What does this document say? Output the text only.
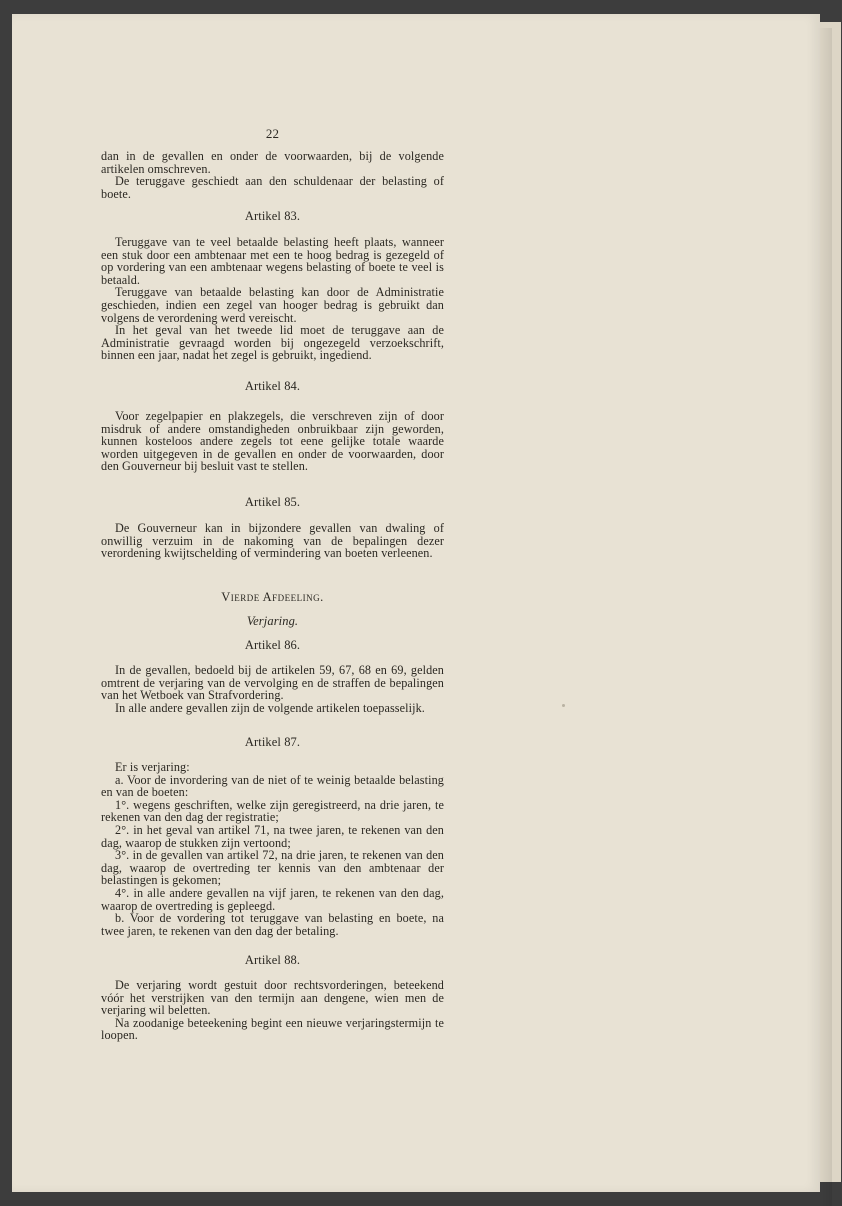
22

dan in de gevallen en onder de voorwaarden, bij de volgende artikelen omschreven.

De teruggave geschiedt aan den schuldenaar der belasting of boete.

Artikel 83.

Teruggave van te veel betaalde belasting heeft plaats, wanneer een stuk door een ambtenaar met een te hoog bedrag is gezegeld of op vordering van een ambtenaar wegens belasting of boete te veel is betaald.

Teruggave van betaalde belasting kan door de Administratie geschieden, indien een zegel van hooger bedrag is gebruikt dan volgens de verordening werd vereischt.

In het geval van het tweede lid moet de teruggave aan de Administratie gevraagd worden bij ongezegeld verzoekschrift, binnen een jaar, nadat het zegel is gebruikt, ingediend.

Artikel 84.

Voor zegelpapier en plakzegels, die verschreven zijn of door misdruk of andere omstandigheden onbruikbaar zijn geworden, kunnen kosteloos andere zegels tot eene gelijke totale waarde worden uitgegeven in de gevallen en onder de voorwaarden, door den Gouverneur bij besluit vast te stellen.

Artikel 85.

De Gouverneur kan in bijzondere gevallen van dwaling of onwillig verzuim in de nakoming van de bepalingen dezer verordening kwijtschelding of vermindering van boeten verleenen.

Vierde Afdeeling.
Verjaring.
Artikel 86.

In de gevallen, bedoeld bij de artikelen 59, 67, 68 en 69, gelden omtrent de verjaring van de vervolging en de straffen de bepalingen van het Wetboek van Strafvordering.

In alle andere gevallen zijn de volgende artikelen toepasselijk.

Artikel 87.

Er is verjaring:

a. Voor de invordering van de niet of te weinig betaalde belasting en van de boeten:

1°. wegens geschriften, welke zijn geregistreerd, na drie jaren, te rekenen van den dag der registratie;

2°. in het geval van artikel 71, na twee jaren, te rekenen van den dag, waarop de stukken zijn vertoond;

3°. in de gevallen van artikel 72, na drie jaren, te rekenen van den dag, waarop de overtreding ter kennis van den ambtenaar der belastingen is gekomen;

4°. in alle andere gevallen na vijf jaren, te rekenen van den dag, waarop de overtreding is gepleegd.

b. Voor de vordering tot teruggave van belasting en boete, na twee jaren, te rekenen van den dag der betaling.

Artikel 88.

De verjaring wordt gestuit door rechtsvorderingen, beteekend vóór het verstrijken van den termijn aan dengene, wien men de verjaring wil beletten.

Na zoodanige beteekening begint een nieuwe verjaringstermijn te loopen.
